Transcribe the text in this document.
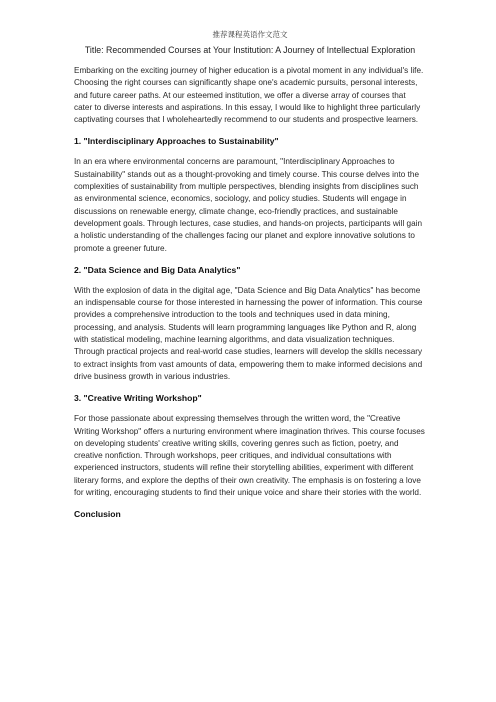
推荐课程英语作文范文
Title: Recommended Courses at Your Institution: A Journey of Intellectual Exploration

Embarking on the exciting journey of higher education is a pivotal moment in any individual's life. Choosing the right courses can significantly shape one's academic pursuits, personal interests, and future career paths. At our esteemed institution, we offer a diverse array of courses that cater to diverse interests and aspirations. In this essay, I would like to highlight three particularly captivating courses that I wholeheartedly recommend to our students and prospective learners.

1. "Interdisciplinary Approaches to Sustainability"

In an era where environmental concerns are paramount, "Interdisciplinary Approaches to Sustainability" stands out as a thought-provoking and timely course. This course delves into the complexities of sustainability from multiple perspectives, blending insights from disciplines such as environmental science, economics, sociology, and policy studies. Students will engage in discussions on renewable energy, climate change, eco-friendly practices, and sustainable development goals. Through lectures, case studies, and hands-on projects, participants will gain a holistic understanding of the challenges facing our planet and explore innovative solutions to promote a greener future.

2. "Data Science and Big Data Analytics"

With the explosion of data in the digital age, "Data Science and Big Data Analytics" has become an indispensable course for those interested in harnessing the power of information. This course provides a comprehensive introduction to the tools and techniques used in data mining, processing, and analysis. Students will learn programming languages like Python and R, along with statistical modeling, machine learning algorithms, and data visualization techniques. Through practical projects and real-world case studies, learners will develop the skills necessary to extract insights from vast amounts of data, empowering them to make informed decisions and drive business growth in various industries.

3. "Creative Writing Workshop"

For those passionate about expressing themselves through the written word, the "Creative Writing Workshop" offers a nurturing environment where imagination thrives. This course focuses on developing students' creative writing skills, covering genres such as fiction, poetry, and creative nonfiction. Through workshops, peer critiques, and individual consultations with experienced instructors, students will refine their storytelling abilities, experiment with different literary forms, and explore the depths of their own creativity. The emphasis is on fostering a love for writing, encouraging students to find their unique voice and share their stories with the world.

Conclusion
